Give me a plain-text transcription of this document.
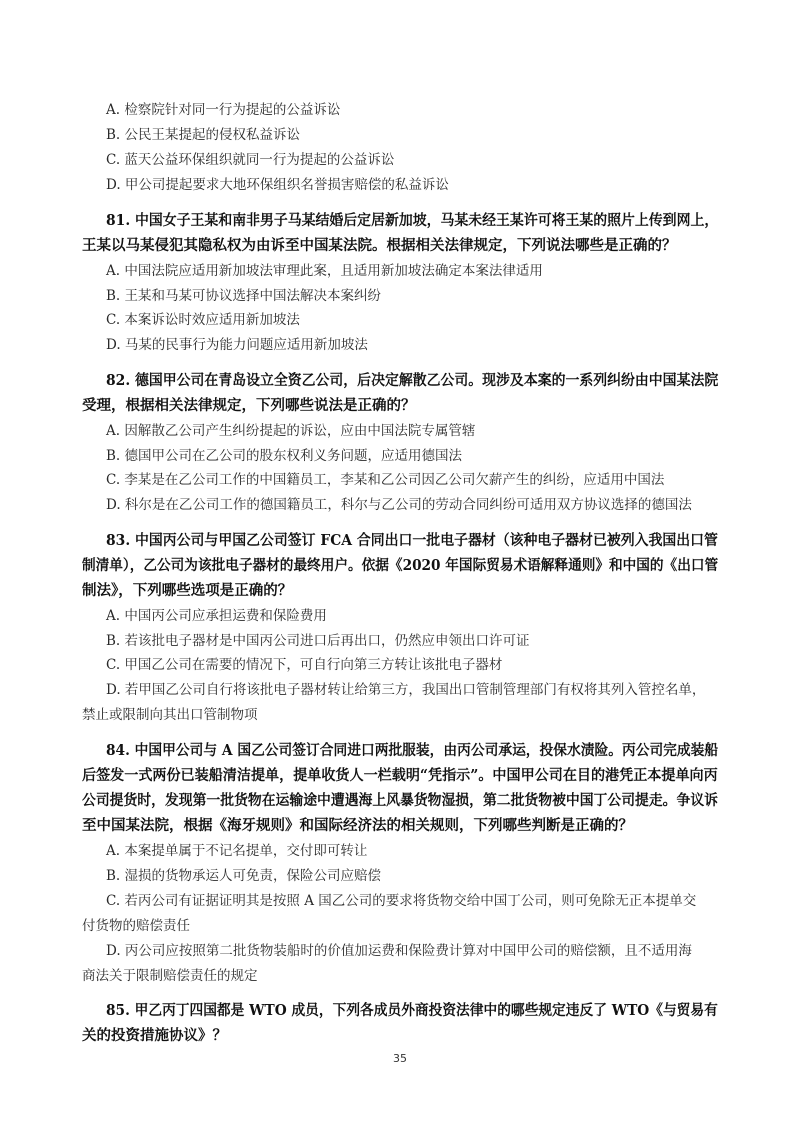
A. 检察院针对同一行为提起的公益诉讼
B. 公民王某提起的侵权私益诉讼
C. 蓝天公益环保组织就同一行为提起的公益诉讼
D. 甲公司提起要求大地环保组织名誉损害赔偿的私益诉讼
81. 中国女子王某和南非男子马某结婚后定居新加坡，马某未经王某许可将王某的照片上传到网上，
王某以马某侵犯其隐私权为由诉至中国某法院。根据相关法律规定，下列说法哪些是正确的？
A. 中国法院应适用新加坡法审理此案，且适用新加坡法确定本案法律适用
B. 王某和马某可协议选择中国法解决本案纠纷
C. 本案诉讼时效应适用新加坡法
D. 马某的民事行为能力问题应适用新加坡法
82. 德国甲公司在青岛设立全资乙公司，后决定解散乙公司。现涉及本案的一系列纠纷由中国某法院
受理，根据相关法律规定，下列哪些说法是正确的？
A. 因解散乙公司产生纠纷提起的诉讼，应由中国法院专属管辖
B. 德国甲公司在乙公司的股东权利义务问题，应适用德国法
C. 李某是在乙公司工作的中国籍员工，李某和乙公司因乙公司欠薪产生的纠纷，应适用中国法
D. 科尔是在乙公司工作的德国籍员工，科尔与乙公司的劳动合同纠纷可适用双方协议选择的德国法
83. 中国丙公司与甲国乙公司签订 FCA 合同出口一批电子器材（该种电子器材已被列入我国出口管
制清单），乙公司为该批电子器材的最终用户。依据《2020 年国际贸易术语解释通则》和中国的《出口管
制法》，下列哪些选项是正确的？
A. 中国丙公司应承担运费和保险费用
B. 若该批电子器材是中国丙公司进口后再出口，仍然应申领出口许可证
C. 甲国乙公司在需要的情况下，可自行向第三方转让该批电子器材
D. 若甲国乙公司自行将该批电子器材转让给第三方，我国出口管制管理部门有权将其列入管控名单，
禁止或限制向其出口管制物项
84. 中国甲公司与 A 国乙公司签订合同进口两批服装，由丙公司承运，投保水渍险。丙公司完成装船
后签发一式两份已装船清洁提单，提单收货人一栏载明“凭指示”。中国甲公司在目的港凭正本提单向丙
公司提货时，发现第一批货物在运输途中遭遇海上风暴货物湿损，第二批货物被中国丁公司提走。争议诉
至中国某法院，根据《海牙规则》和国际经济法的相关规则，下列哪些判断是正确的？
A. 本案提单属于不记名提单，交付即可转让
B. 湿损的货物承运人可免责，保险公司应赔偿
C. 若丙公司有证据证明其是按照 A 国乙公司的要求将货物交给中国丁公司，则可免除无正本提单交
付货物的赔偿责任
D. 丙公司应按照第二批货物装船时的价值加运费和保险费计算对中国甲公司的赔偿额，且不适用海
商法关于限制赔偿责任的规定
85. 甲乙丙丁四国都是 WTO 成员，下列各成员外商投资法律中的哪些规定违反了 WTO《与贸易有
关的投资措施协议》？
35
